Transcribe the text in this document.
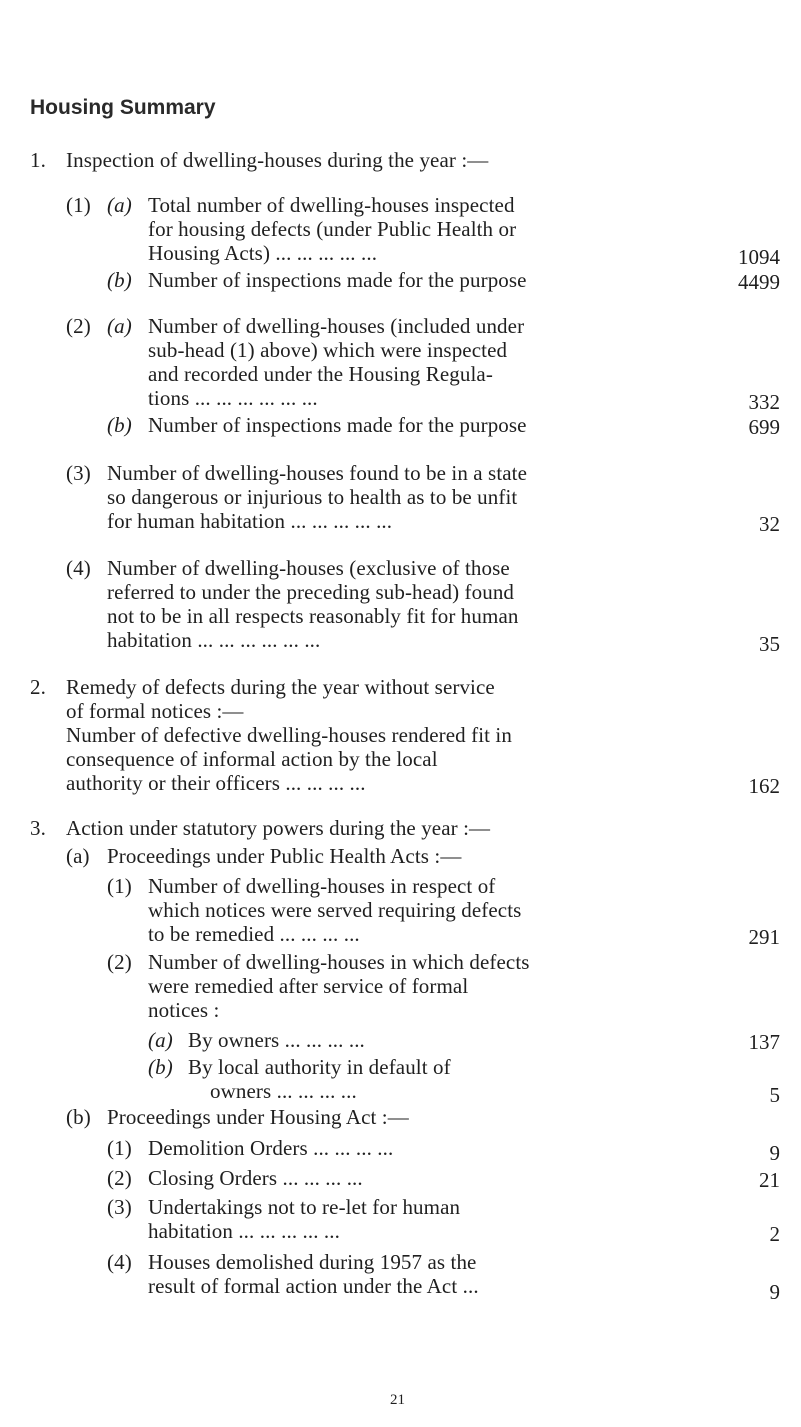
Housing Summary
1. Inspection of dwelling-houses during the year :—
(1) (a) Total number of dwelling-houses inspected
for housing defects (under Public Health or
Housing Acts) ... ... ... ... ...	1094
(b) Number of inspections made for the purpose	4499
(2) (a) Number of dwelling-houses (included under
sub-head (1) above) which were inspected
and recorded under the Housing Regula-
tions ... ... ... ... ... ...	332
(b) Number of inspections made for the purpose	699
(3) Number of dwelling-houses found to be in a state
so dangerous or injurious to health as to be unfit
for human habitation ... ... ... ... ...	32
(4) Number of dwelling-houses (exclusive of those
referred to under the preceding sub-head) found
not to be in all respects reasonably fit for human
habitation ... ... ... ... ... ...	35
2. Remedy of defects during the year without service
of formal notices :—
Number of defective dwelling-houses rendered fit in
consequence of informal action by the local
authority or their officers ... ... ... ...	162
3. Action under statutory powers during the year :—
(a) Proceedings under Public Health Acts :—
(1) Number of dwelling-houses in respect of
which notices were served requiring defects
to be remedied ... ... ... ...	291
(2) Number of dwelling-houses in which defects
were remedied after service of formal
notices :
(a) By owners ... ... ... ...	137
(b) By local authority in default of
owners ... ... ... ...	5
(b) Proceedings under Housing Act :—
(1) Demolition Orders ... ... ... ...	9
(2) Closing Orders ... ... ... ...	21
(3) Undertakings not to re-let for human
habitation ... ... ... ... ...	2
(4) Houses demolished during 1957 as the
result of formal action under the Act ...	9
21
